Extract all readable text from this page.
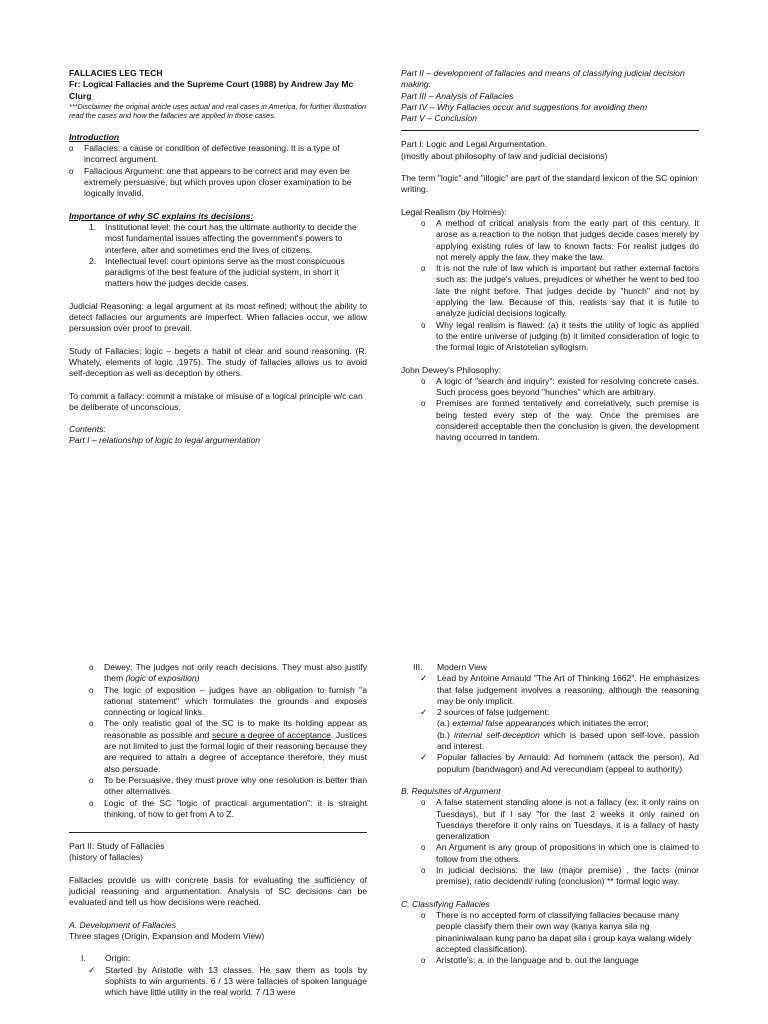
FALLACIES LEG TECH
Fr: Logical Fallacies and the Supreme Court (1988) by Andrew Jay Mc Clurg
***Disclaimer the original article uses actual and real cases in America, for further illustration read the cases and how the fallacies are applied in those cases.
Introduction
o Fallacies: a cause or condition of defective reasoning. It is a type of incorrect argument.
o Fallacious Argument: one that appears to be correct and may even be extremely persuasive, but which proves upon closer examination to be logically invalid.
Importance of why SC explains its decisions:
1. Institutional level: the court has the ultimate authority to decide the most fundamental issues affecting the government's powers to interfere, alter and sometimes end the lives of citizens.
2. Intellectual level: court opinions serve as the most conspicuous paradigms of the best feature of the judicial system, in short it matters how the judges decide cases.
Judicial Reasoning: a legal argument at its most refined; without the ability to detect fallacies our arguments are imperfect. When fallacies occur, we allow persuasion over proof to prevail.
Study of Fallacies: logic – begets a habit of clear and sound reasoning. (R. Whately, elements of logic ,1975). The study of fallacies allows us to avoid self-deception as well as deception by others.
To commit a fallacy: commit a mistake or misuse of a logical principle w/c can be deliberate of unconscious.
Contents:
Part I – relationship of logic to legal argumentation
Part II – development of fallacies and means of classifying judicial decision making.
Part III – Analysis of Fallacies
Part IV – Why Fallacies occur and suggestions for avoiding them
Part V – Conclusion
Part I: Logic and Legal Argumentation.
(mostly about philosophy of law and judicial decisions)
The term "logic" and "illogic" are part of the standard lexicon of the SC opinion writing.
Legal Realism (by Holmes):
o A method of critical analysis from the early part of this century. It arose as a reaction to the notion that judges decide cases merely by applying existing rules of law to known facts. For realist judges do not merely apply the law, they make the law.
o It is not the rule of law which is important but rather external factors such as: the judge's values, prejudices or whether he went to bed too late the night before. That judges decide by "hunch" and not by applying the law. Because of this, realists say that it is futile to analyze judicial decisions logically.
o Why legal realism is flawed: (a) it tests the utility of logic as applied to the entire universe of judging (b) it limited consideration of logic to the formal logic of Aristotelian syllogism.
John Dewey's Philosophy:
o A logic of "search and inquiry": existed for resolving concrete cases. Such process goes beyond "hunches" which are arbitrary.
o Premises are formed tentatively and correlatively, such premise is being tested every step of the way. Once the premises are considered acceptable then the conclusion is given, the development having occurred in tandem.
o Dewey: The judges not only reach decisions. They must also justify them (logic of exposition)
o The logic of exposition – judges have an obligation to furnish "a rational statement" which formulates the grounds and exposes connecting or logical links.
o The only realistic goal of the SC is to make its holding appear as reasonable as possible and secure a degree of acceptance. Justices are not limited to just the formal logic of their reasoning because they are required to attain a degree of acceptance therefore, they must also persuade.
o To be Persuasive, they must prove why one resolution is better than other alternatives.
o Logic of the SC "logic of practical argumentation": it is straight thinking, of how to get from A to Z.
Part II: Study of Fallacies
(history of fallacies)
Fallacies provide us with concrete basis for evaluating the sufficiency of judicial reasoning and argumentation. Analysis of SC decisions can be evaluated and tell us how decisions were reached.
A. Development of Fallacies
Three stages (Origin, Expansion and Modern View)
I. Origin:
✓ Started by Aristotle with 13 classes. He saw them as tools by sophists to win arguments. 6 / 13 were fallacies of spoken language which have little utility in the real world. 7 /13 were
III. Modern View
✓ Lead by Antoine Arnauld "The Art of Thinking 1662". He emphasizes that false judgement involves a reasoning, although the reasoning may be only implicit.
✓ 2 sources of false judgement:
(a.) external false appearances which initiates the error;
(b.) internal self-deception which is based upon self-love, passion and interest.
✓ Popular fallacies by Arnauld: Ad hominem (attack the person), Ad populum (bandwagon) and Ad verecundiam (appeal to authority)
B. Requisites of Argument
o A false statement standing alone is not a fallacy (ex: it only rains on Tuesdays), but if I say "for the last 2 weeks it only rained on Tuesdays therefore it only rains on Tuesdays, it is a fallacy of hasty generalization
o An Argument is any group of propositions in which one is claimed to follow from the others.
o In judicial decisions: the law (major premise) , the facts (minor premise), ratio decidendi/ ruling (conclusion) ** formal logic way.
C. Classifying Fallacies
o There is no accepted form of classifying fallacies because many people classify them their own way (kanya kanya sila ng pinaniniwalaan kung pano ba dapat sila i group kaya walang widely accepted classification).
o Aristotle's: a. in the language and b. out the language
